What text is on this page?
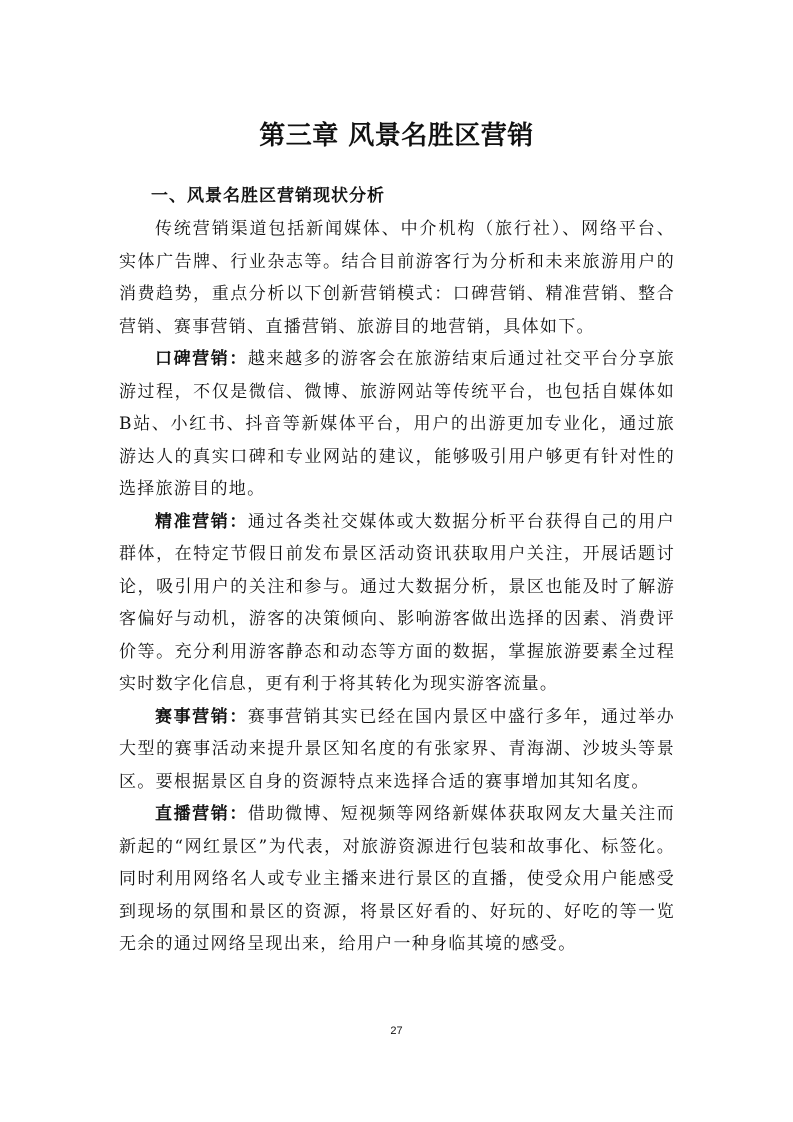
第三章 风景名胜区营销
一、风景名胜区营销现状分析

传统营销渠道包括新闻媒体、中介机构（旅行社）、网络平台、实体广告牌、行业杂志等。结合目前游客行为分析和未来旅游用户的消费趋势，重点分析以下创新营销模式：口碑营销、精准营销、整合营销、赛事营销、直播营销、旅游目的地营销，具体如下。

口碑营销：越来越多的游客会在旅游结束后通过社交平台分享旅游过程，不仅是微信、微博、旅游网站等传统平台，也包括自媒体如B站、小红书、抖音等新媒体平台，用户的出游更加专业化，通过旅游达人的真实口碑和专业网站的建议，能够吸引用户够更有针对性的选择旅游目的地。

精准营销：通过各类社交媒体或大数据分析平台获得自己的用户群体，在特定节假日前发布景区活动资讯获取用户关注，开展话题讨论，吸引用户的关注和参与。通过大数据分析，景区也能及时了解游客偏好与动机，游客的决策倾向、影响游客做出选择的因素、消费评价等。充分利用游客静态和动态等方面的数据，掌握旅游要素全过程实时数字化信息，更有利于将其转化为现实游客流量。

赛事营销：赛事营销其实已经在国内景区中盛行多年，通过举办大型的赛事活动来提升景区知名度的有张家界、青海湖、沙坡头等景区。要根据景区自身的资源特点来选择合适的赛事增加其知名度。

直播营销：借助微博、短视频等网络新媒体获取网友大量关注而新起的“网红景区”为代表，对旅游资源进行包装和故事化、标签化。同时利用网络名人或专业主播来进行景区的直播，使受众用户能感受到现场的氛围和景区的资源，将景区好看的、好玩的、好吃的等一览无余的通过网络呈现出来，给用户一种身临其境的感受。

27
